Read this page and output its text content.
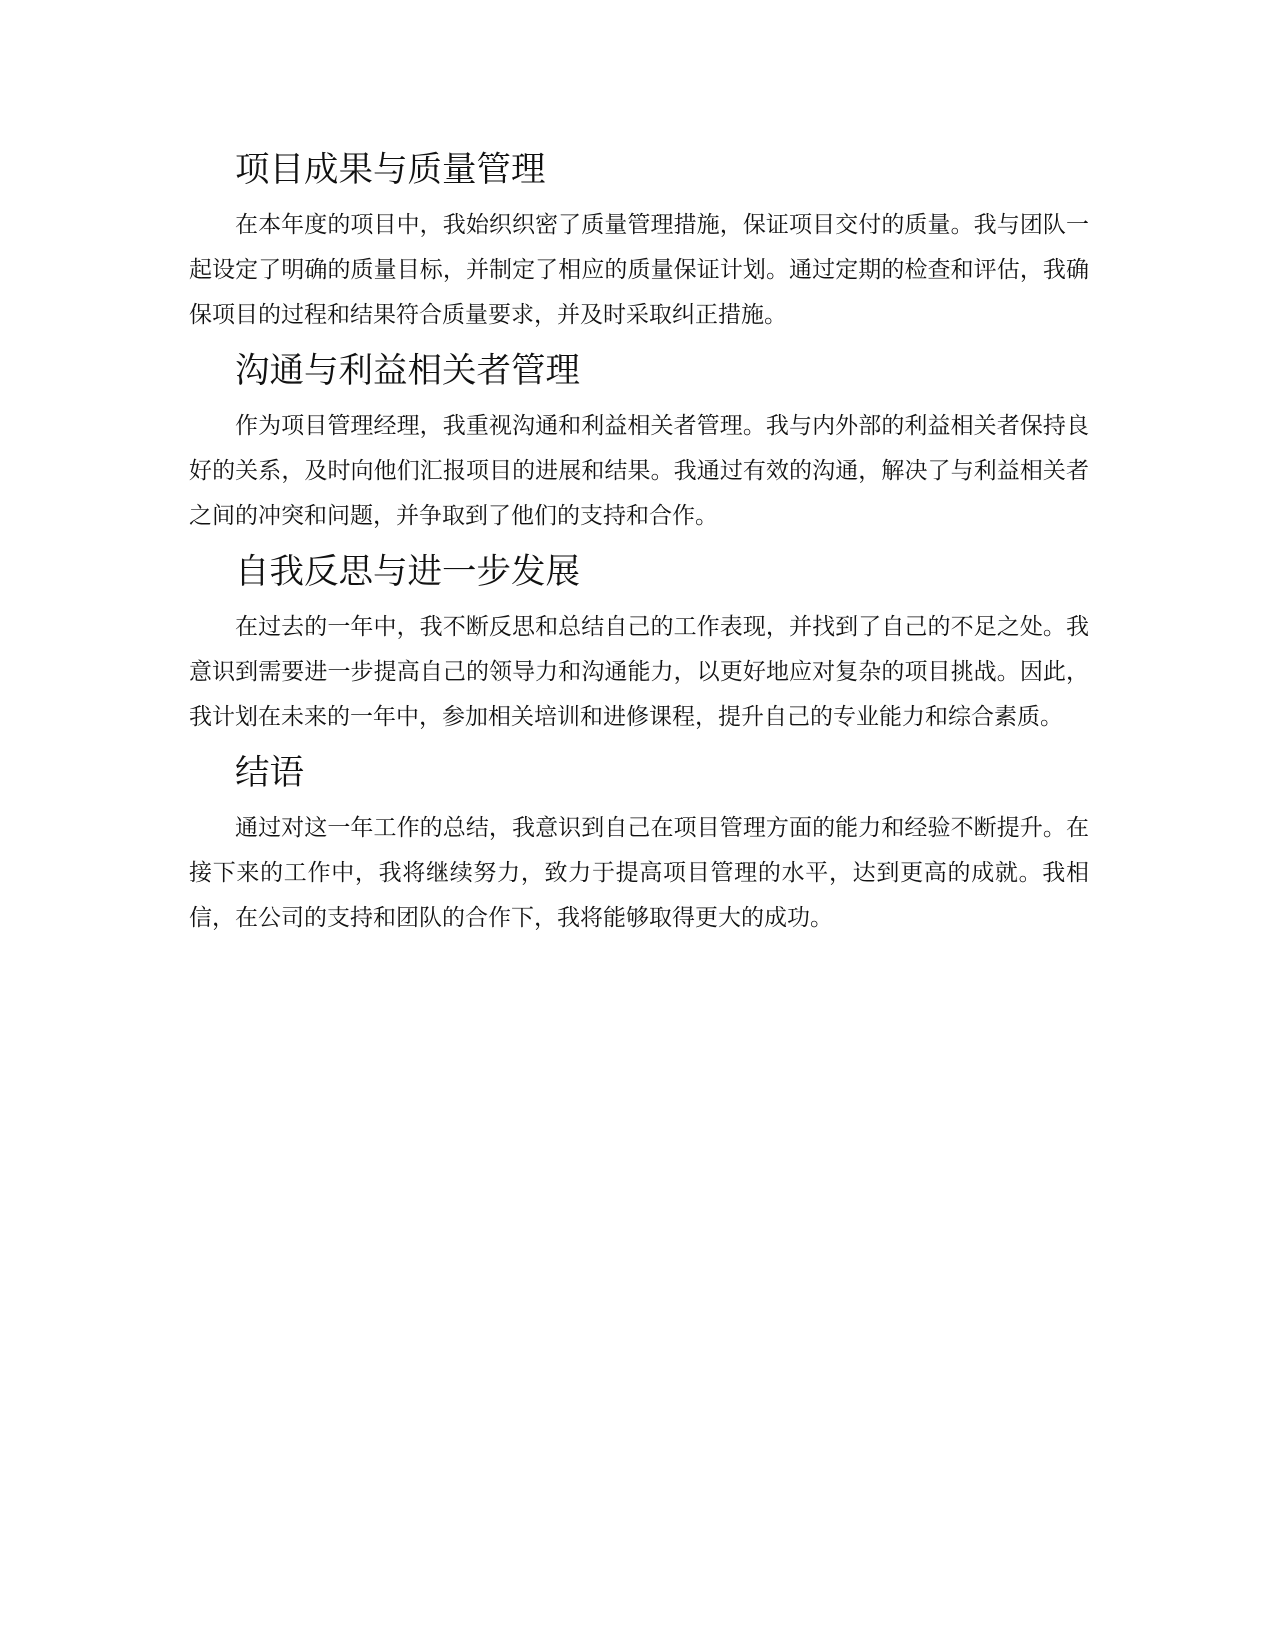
项目成果与质量管理

在本年度的项目中，我始织织密了质量管理措施，保证项目交付的质量。我与团队一起设定了明确的质量目标，并制定了相应的质量保证计划。通过定期的检查和评估，我确保项目的过程和结果符合质量要求，并及时采取纠正措施。

沟通与利益相关者管理

作为项目管理经理，我重视沟通和利益相关者管理。我与内外部的利益相关者保持良好的关系，及时向他们汇报项目的进展和结果。我通过有效的沟通，解决了与利益相关者之间的冲突和问题，并争取到了他们的支持和合作。

自我反思与进一步发展

在过去的一年中，我不断反思和总结自己的工作表现，并找到了自己的不足之处。我意识到需要进一步提高自己的领导力和沟通能力，以更好地应对复杂的项目挑战。因此，我计划在未来的一年中，参加相关培训和进修课程，提升自己的专业能力和综合素质。

结语

通过对这一年工作的总结，我意识到自己在项目管理方面的能力和经验不断提升。在接下来的工作中，我将继续努力，致力于提高项目管理的水平，达到更高的成就。我相信，在公司的支持和团队的合作下，我将能够取得更大的成功。
